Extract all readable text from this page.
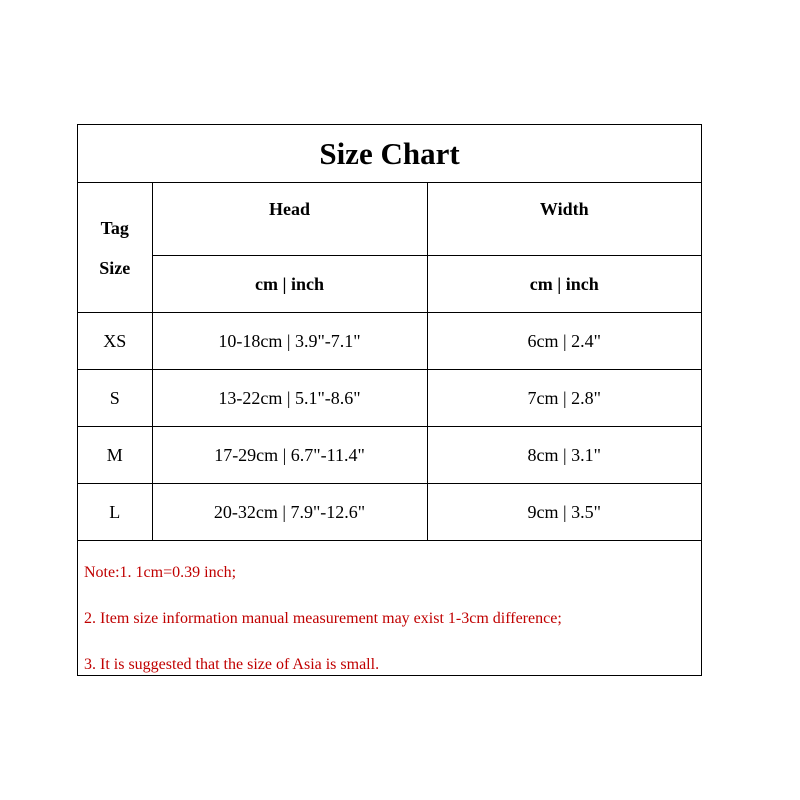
Size Chart
Tag
Size	Head	Width
	cm | inch	cm | inch
XS	10-18cm | 3.9"-7.1"	6cm | 2.4"
S	13-22cm | 5.1"-8.6"	7cm | 2.8"
M	17-29cm | 6.7"-11.4"	8cm | 3.1"
L	20-32cm | 7.9"-12.6"	9cm | 3.5"
Note:1. 1cm=0.39 inch;
2. Item size information manual measurement may exist 1-3cm difference;
3. It is suggested that the size of Asia is small.
